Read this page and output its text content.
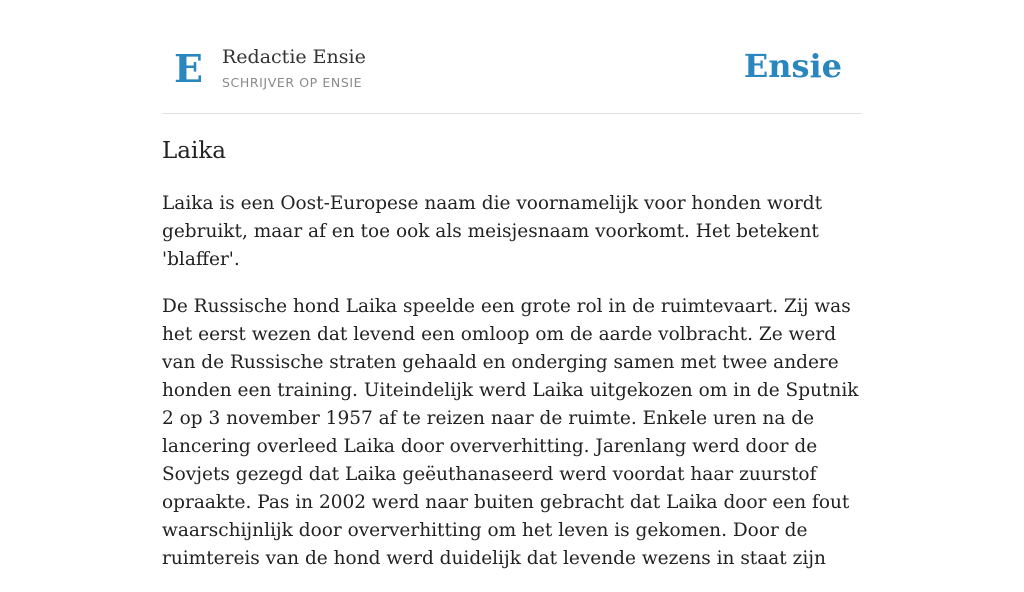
E Redactie Ensie
SCHRIJVER OP ENSIE	Ensie
Laika

Laika is een Oost-Europese naam die voornamelijk voor honden wordt gebruikt, maar af en toe ook als meisjesnaam voorkomt. Het betekent 'blaffer'.

De Russische hond Laika speelde een grote rol in de ruimtevaart. Zij was het eerst wezen dat levend een omloop om de aarde volbracht. Ze werd van de Russische straten gehaald en onderging samen met twee andere honden een training. Uiteindelijk werd Laika uitgekozen om in de Sputnik 2 op 3 november 1957 af te reizen naar de ruimte. Enkele uren na de lancering overleed Laika door oververhitting. Jarenlang werd door de Sovjets gezegd dat Laika geëuthanaseerd werd voordat haar zuurstof opraakte. Pas in 2002 werd naar buiten gebracht dat Laika door een fout waarschijnlijk door oververhitting om het leven is gekomen. Door de ruimtereis van de hond werd duidelijk dat levende wezens in staat zijn
